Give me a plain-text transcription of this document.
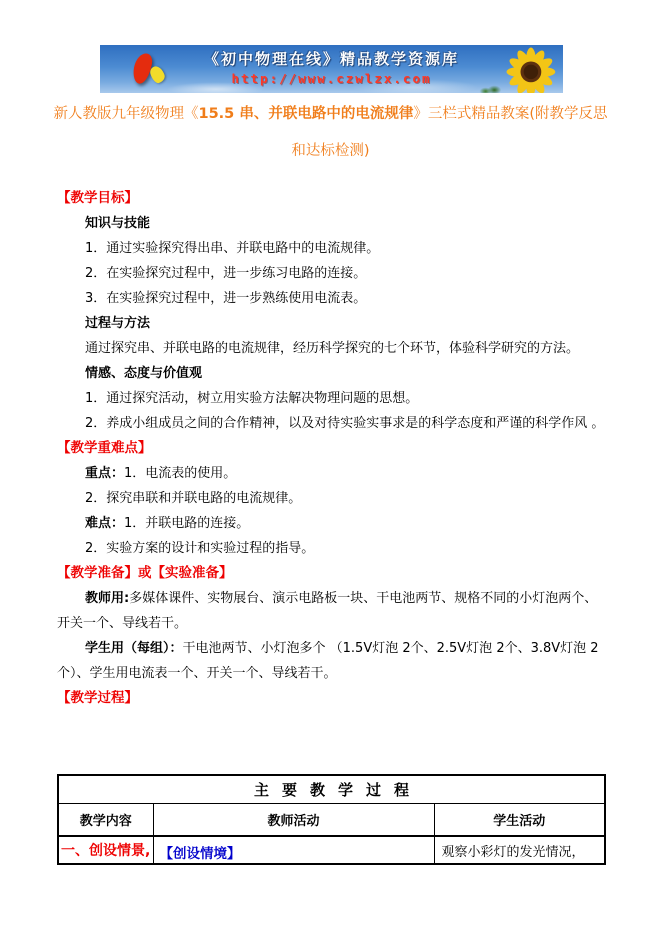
《初中物理在线》精品教学资源库
http://www.czwlzx.com
新人教版九年级物理《15.5 串、并联电路中的电流规律》三栏式精品教案(附教学反思和达标检测)
【教学目标】
知识与技能

1．通过实验探究得出串、并联电路中的电流规律。

2．在实验探究过程中，进一步练习电路的连接。

3．在实验探究过程中，进一步熟练使用电流表。

过程与方法

通过探究串、并联电路的电流规律，经历科学探究的七个环节，体验科学研究的方法。

情感、态度与价值观

1．通过探究活动，树立用实验方法解决物理问题的思想。

2．养成小组成员之间的合作精神，以及对待实验实事求是的科学态度和严谨的科学作风 。

【教学重难点】

重点：1．电流表的使用。

2．探究串联和并联电路的电流规律。

难点：1．并联电路的连接。

2．实验方案的设计和实验过程的指导。

【教学准备】或【实验准备】

教师用:多媒体课件、实物展台、演示电路板一块、干电池两节、规格不同的小灯泡两个、开关一个、导线若干。

学生用（每组）：干电池两节、小灯泡多个 （1.5V灯泡 2个、2.5V灯泡 2个、3.8V灯泡 2个）、学生用电流表一个、开关一个、导线若干。

【教学过程】
主要教学过程		
教学内容	教师活动	学生活动
一、创设情景,	【创设情境】	观察小彩灯的发光情况，
